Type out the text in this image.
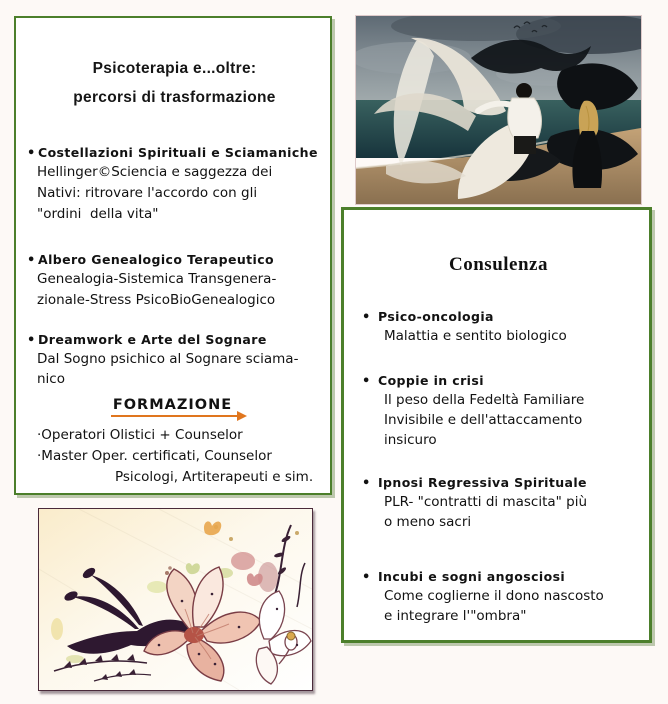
Psicoterapia e...oltre:
percorsi di trasformazione
• Costellazioni Spirituali e Sciamaniche
Hellinger©Sciencia e saggezza dei
Nativi: ritrovare l'accordo con gli
"ordini  della vita"
• Albero Genealogico Terapeutico
Genealogia-Sistemica Transgenera-
zionale-Stress PsicoBioGenealogico
• Dreamwork e Arte del Sognare
Dal Sogno psichico al Sognare sciama-
nico
FORMAZIONE
·Operatori Olistici + Counselor
·Master Oper. certificati, Counselor
Psicologi, Artiterapeuti e sim.
Consulenza
• Psico-oncologia
Malattia e sentito biologico
• Coppie in crisi
Il peso della Fedeltà Familiare
Invisibile e dell'attaccamento
insicuro
• Ipnosi Regressiva Spirituale
PLR- "contratti di mascita" più
o meno sacri
• Incubi e sogni angosciosi
Come coglierne il dono nascosto
e integrare l'"ombra"
